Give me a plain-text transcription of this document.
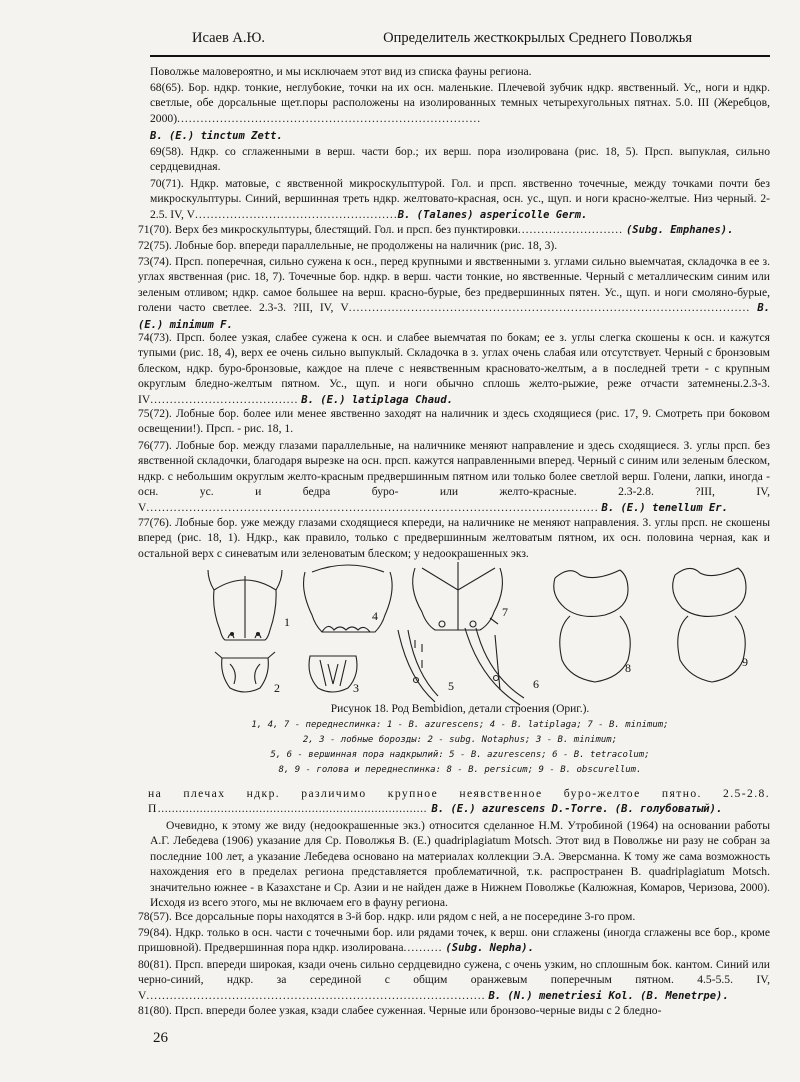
Исаев А.Ю.	Определитель жесткокрылых Среднего Поволжья

Поволжье маловероятно, и мы исключаем этот вид из списка фауны региона.

68(65). Бор. ндкр. тонкие, неглубокие, точки на их осн. маленькие. Плечевой зубчик ндкр. явственный. Ус,, ноги и ндкр. светлые, обе дорсальные щет.поры расположены на изолированных темных четырехугольных пятнах. 5.0. III (Жеребцов, 2000)..............................................................................

B. (E.) tinctum Zett.

69(58). Ндкр. со сглаженными в верш. части бор.; их верш. пора изолирована (рис. 18, 5). Прсп. выпуклая, сильно сердцевидная.

70(71). Ндкр. матовые, с явственной микроскульптурой. Гол. и прсп. явственно точечные, между точками почти без микроскульптуры. Синий, вершинная треть ндкр. желтовато-красная, осн. ус., щуп. и ноги красно-желтые. Низ черный. 2-2.5. IV, V....................................................B. (Talanes) aspericolle Germ.

71(70). Верх без микроскульптуры, блестящий. Гол. и прсп. без пунктировки........................... (Subg. Emphanes).

72(75). Лобные бор. впереди параллельные, не продолжены на наличник (рис. 18, 3).

73(74). Прсп. поперечная, сильно сужена к осн., перед крупными и явственными з. углами сильно выемчатая, складочка в ее з. углах явственная (рис. 18, 7). Точечные бор. ндкр. в верш. части тонкие, но явственные. Черный с металлическим синим или зеленым отливом; ндкр. самое большее на верш. красно-бурые, без предвершинных пятен. Ус., щуп. и ноги смоляно-бурые, голени часто светлее. 2.3-3. ?III, IV, V....................................................................................................... B. (E.) minimum F.

74(73). Прсп. более узкая, слабее сужена к осн. и слабее выемчатая по бокам; ее з. углы слегка скошены к осн. и кажутся тупыми (рис. 18, 4), верх ее очень сильно выпуклый. Складочка в з. углах очень слабая или отсутствует. Черный с бронзовым блеском, ндкр. буро-бронзовые, каждое на плече с неявственным красновато-желтым, а в последней трети - с крупным округлым бледно-желтым пятном. Ус., щуп. и ноги обычно сплошь желто-рыжие, реже отчасти затемнены.2.3-3. IV...................................... B. (E.) latiplaga Chaud.

75(72). Лобные бор. более или менее явственно заходят на наличник и здесь сходящиеся (рис. 17, 9. Смотреть при боковом освещении!). Прсп. - рис. 18, 1.

76(77). Лобные бор. между глазами параллельные, на наличнике меняют направление и здесь сходящиеся. З. углы прсп. без явственной складочки, благодаря вырезке на осн. прсп. кажутся направленными вперед. Черный с синим или зеленым блеском, ндкр. с небольшим округлым желто-красным предвершинным пятном или только более светлой верш. Голени, лапки, иногда - осн. ус. и бедра буро- или желто-красные. 2.3-2.8. ?III, IV, V.................................................................................................................... B. (E.) tenellum Er.

77(76). Лобные бор. уже между глазами сходящиеся кпереди, на наличнике не меняют направления. З. углы прсп. не скошены вперед (рис. 18, 1). Ндкр., как правило, только с предвершинным желтоватым пятном, их осн. половина черная, как и остальной верх с синеватым или зеленоватым блеском; у недоокрашенных экз.

1	4	7
8	9
2	3	5	6
Рисунок 18. Род Bembidion, детали строения (Ориг.).
1, 4, 7 - переднеспинка: 1 - B. azurescens; 4 - B. latiplaga; 7 - B. minimum;
2, 3 - лобные борозды: 2 - subg. Notaphus; 3 - B. minimum;
5, 6 - вершинная пора надкрылий: 5 - B. azurescens; 6 - B. tetracolum;
8, 9 - голова и переднеспинка: 8 - B. persicum; 9 - B. obscurellum.

на плечах ндкр. различимо крупное неявственное буро-желтое пятно. 2.5-2.8. П............................................................................. B. (E.) azurescens D.-Torre. (B. голубоватый).

Очевидно, к этому же виду (недоокрашенные экз.) относится сделанное Н.М. Утробиной (1964) на основании работы А.Г. Лебедева (1906) указание для Ср. Поволжья B. (E.) quadriplagiatum Motsch. Этот вид в Поволжье ни разу не собран за последние 100 лет, а указание Лебедева основано на материалах коллекции Э.А. Эверсманна. К тому же сама возможность нахождения его в пределах региона представляется проблематичной, т.к. распространен B. quadriplagiatum Motsch. значительно южнее - в Казахстане и Ср. Азии и не найден даже в Нижнем Поволжье (Калюжная, Комаров, Черизова, 2000). Исходя из всего этого, мы не включаем его в фауну региона.

78(57). Все дорсальные поры находятся в 3-й бор. ндкр. или рядом с ней, а не посередине 3-го пром.

79(84). Ндкр. только в осн. части с точечными бор. или рядами точек, к верш. они сглажены (иногда сглажены все бор., кроме пришовной). Предвершинная пора ндкр. изолирована.......... (Subg. Nepha).

80(81). Прсп. впереди широкая, кзади очень сильно сердцевидно сужена, с очень узким, но сплошным бок. кантом. Синий или черно-синий, ндкр. за серединой с общим оранжевым поперечным пятном. 4.5-5.5. IV, V....................................................................................... B. (N.) menetriesi Kol. (B. Menetrpe).

81(80). Прсп. впереди более узкая, кзади слабее суженная. Черные или бронзово-черные виды с 2 бледно-

26
